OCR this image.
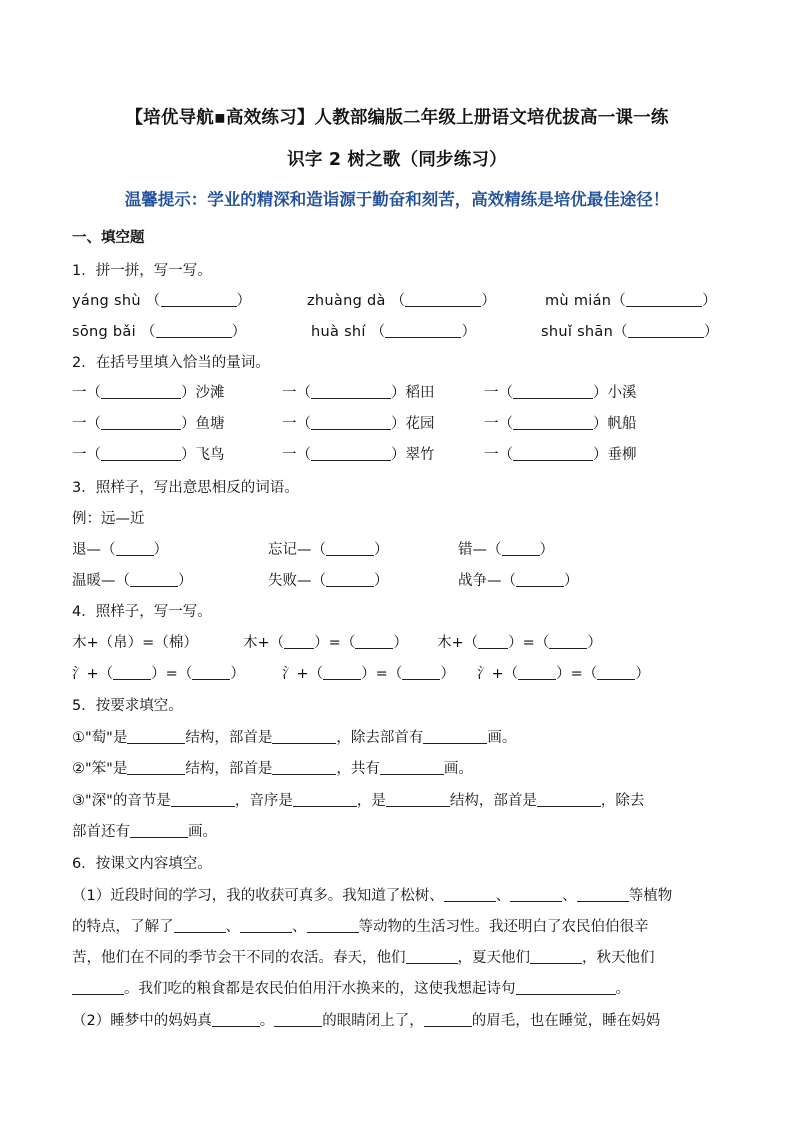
【培优导航▪高效练习】人教部编版二年级上册语文培优拔高一课一练
识字 2 树之歌（同步练习）
温馨提示：学业的精深和造诣源于勤奋和刻苦，高效精练是培优最佳途径！
一、填空题
1．拼一拼，写一写。
yáng shù （	）	zhuàng dà （	）	mù mián（	）
sōng bǎi （	）	huà shí （	）	shuǐ shān（	）
2．在括号里填入恰当的量词。
一（	）沙滩	一（	）稻田	一（	）小溪
一（	）鱼塘	一（	）花园	一（	）帆船
一（	）飞鸟	一（	）翠竹	一（	）垂柳
3．照样子，写出意思相反的词语。
例：远—近
退—（	）	忘记—（	）	错—（	）
温暖—（	）	失败—（	）	战争—（	）
4．照样子，写一写。
木+（帛）=（棉）	木+（ ）=（	） 木+（ ）=（	）
氵+（	）=（	）	氵+（	）=（	） 氵+（	）=（	）
5．按要求填空。
①"萄"是	结构，部首是	，除去部首有	画。
②"笨"是	结构，部首是	，共有	画。
③"深"的音节是	，音序是	，是	结构，部首是	，除去
部首还有	画。
6．按课文内容填空。
（1）近段时间的学习，我的收获可真多。我知道了松树、	、	、	等植物
的特点，了解了	、	、	等动物的生活习性。我还明白了农民伯伯很辛
苦，他们在不同的季节会干不同的农活。春天，他们	，夏天他们	，秋天他们
。我们吃的粮食都是农民伯伯用汗水换来的，这使我想起诗句	。
（2）睡梦中的妈妈真	。	的眼睛闭上了，	的眉毛，也在睡觉，睡在妈妈
